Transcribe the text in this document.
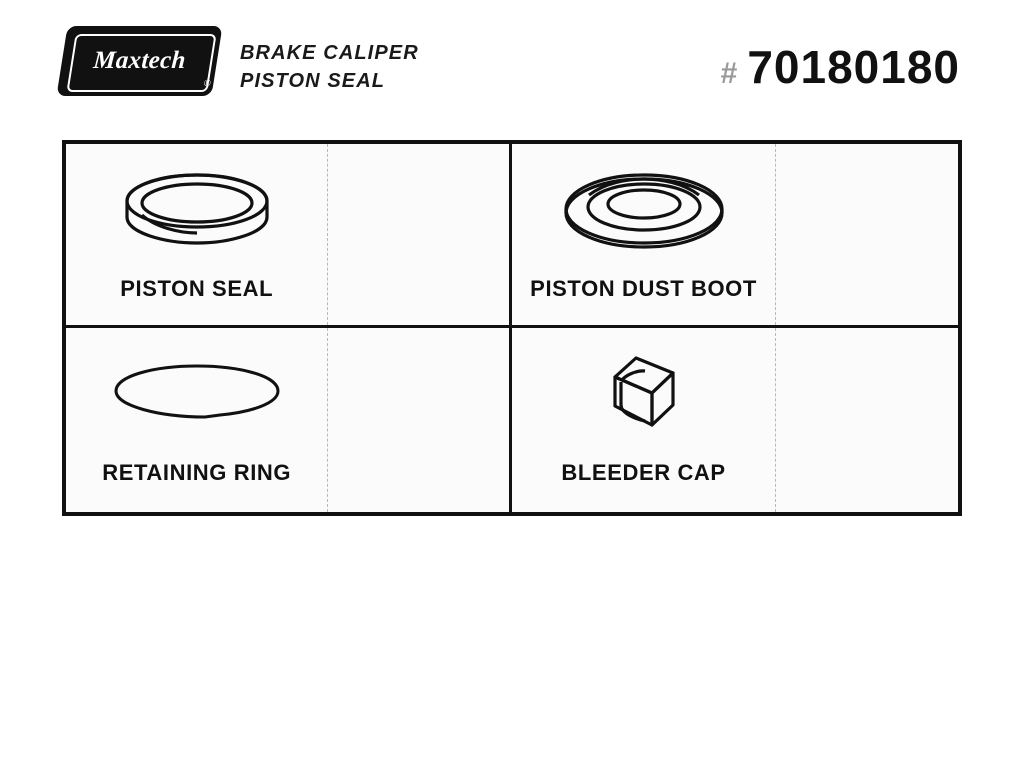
Maxtech
®
BRAKE CALIPER
PISTON SEAL	# 70180180
PISTON SEAL	PISTON DUST BOOT
RETAINING RING	BLEEDER CAP
